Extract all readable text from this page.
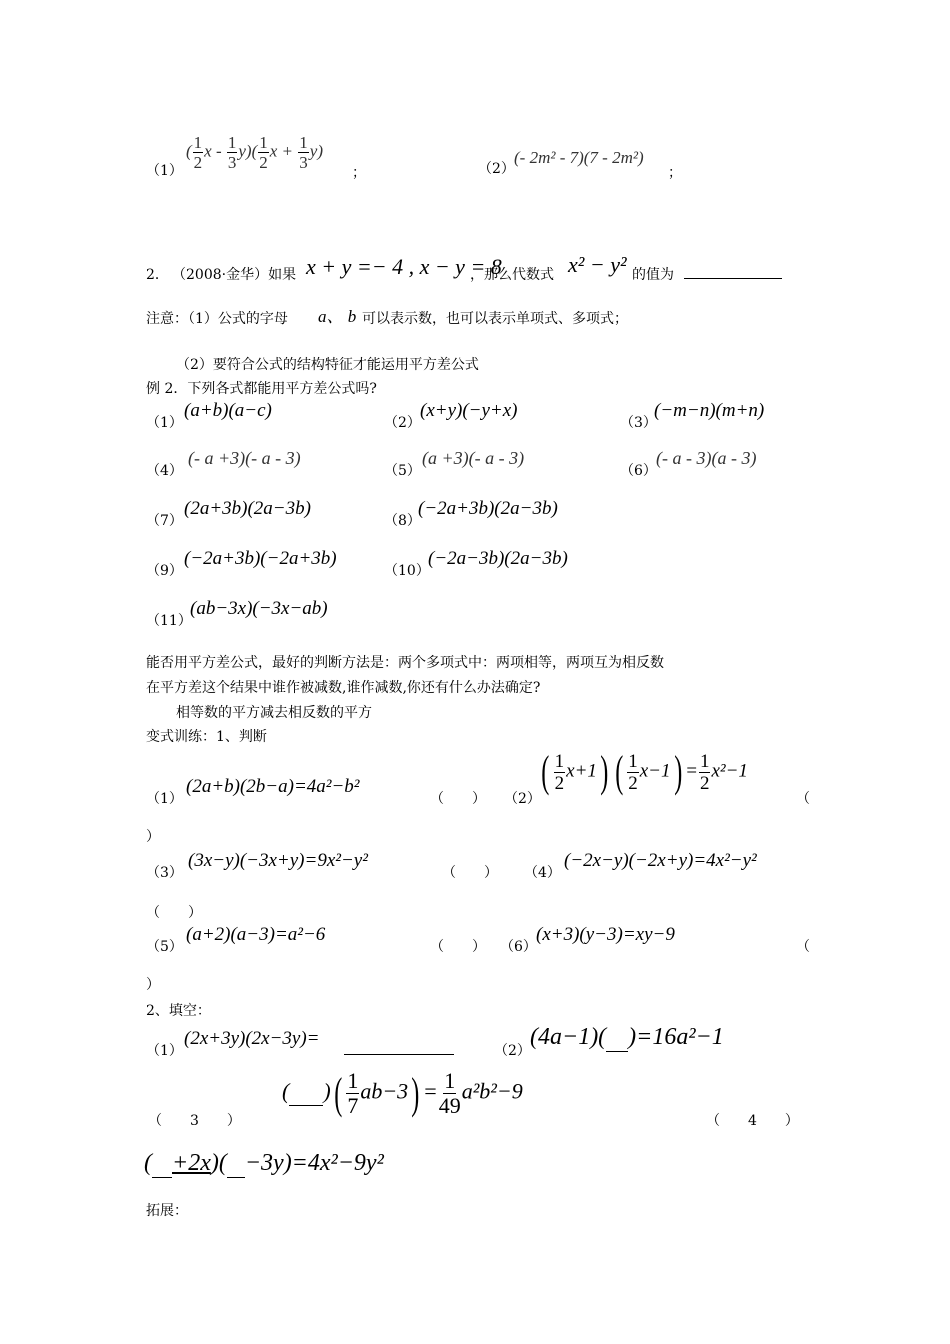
（1）
( $\frac{1}{2}$ x - $\frac{1}{3} y)( \frac{1}{2}$ $x + \frac{1}{3} y$)
；	（2）
(- 2m² - 7)(7 - 2m²)
；
2． （2008·金华）如果 x + y =− 4 , x − y = 8
，那么代数式 x² − y² 的值为
注意：（1）公式的字母 a、 b 可以表示数，也可以表示单项式、多项式；
（2）要符合公式的结构特征才能运用平方差公式
例 2．下列各式都能用平方差公式吗?
（1）
(a+b)(a−c)
（2）
(x+y)(−y+x)
（3）
(−m−n)(m+n)
（4）
(- a +3)(- a - 3)
（5）
(a +3)(- a - 3)
（6）
(- a - 3)(a - 3)
（7）
(2a+3b)(2a−3b)
（8）
(−2a+3b)(2a−3b)
（9）
(−2a+3b)(−2a+3b)
（10）
(−2a−3b)(2a−3b)
（11）
(ab−3x)(−3x−ab)
能否用平方差公式，最好的判断方法是：两个多项式中：两项相等，两项互为相反数
在平方差这个结果中谁作被减数,谁作减数,你还有什么办法确定?
相等数的平方减去相反数的平方
变式训练：1、判断
（1）
(2a+b)(2b−a)=4a²−b²
（　　） （2）
( $\frac{1}{2} x+1$) ( $\frac{1}{2} x-1) = \frac{1}{2} x^2-1$
（
）
（3）
(3x−y)(−3x+y)=9x²−y²
（　　） （4）
(−2x−y)(−2x+y)=4x²−y²
（　　）
（5）
(a+2)(a−3)=a²−6
（　　） （6）
(x+3)(y−3)=xy−9
（
）
2、填空：
（1）
(2x+3y)(2x−3y)=
（2）
(4a−1)( )=16a²−1
（　　3　　）
( )( $\frac{1}{7} ab-3) = \frac{1}{49} a^2b^2-9$
（　　4　　）
( +2x)( −3y)=4x²−9y²
拓展：
